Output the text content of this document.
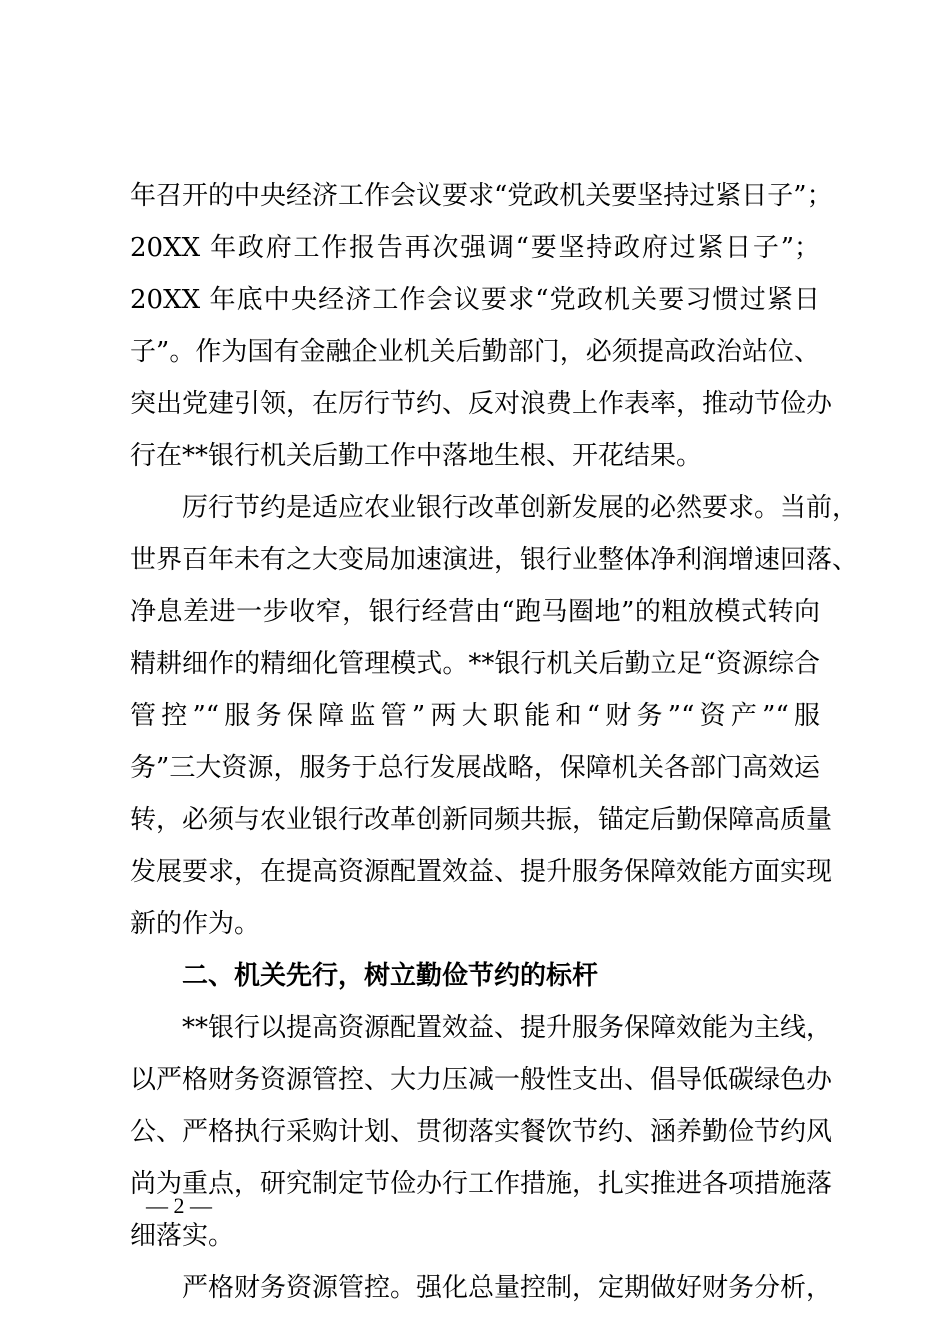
年召开的中央经济工作会议要求“党政机关要坚持过紧日子”；
20XX 年政府工作报告再次强调“要坚持政府过紧日子”；
20XX 年底中央经济工作会议要求“党政机关要习惯过紧日
子”。作为国有金融企业机关后勤部门，必须提高政治站位、
突出党建引领，在厉行节约、反对浪费上作表率，推动节俭办
行在**银行机关后勤工作中落地生根、开花结果。
厉行节约是适应农业银行改革创新发展的必然要求。当前，
世界百年未有之大变局加速演进，银行业整体净利润增速回落、
净息差进一步收窄，银行经营由“跑马圈地”的粗放模式转向
精耕细作的精细化管理模式。**银行机关后勤立足“资源综合
管控”“服务保障监管”两大职能和“财务”“资产”“服
务”三大资源，服务于总行发展战略，保障机关各部门高效运
转，必须与农业银行改革创新同频共振，锚定后勤保障高质量
发展要求，在提高资源配置效益、提升服务保障效能方面实现
新的作为。
二、机关先行，树立勤俭节约的标杆
**银行以提高资源配置效益、提升服务保障效能为主线，
以严格财务资源管控、大力压减一般性支出、倡导低碳绿色办
公、严格执行采购计划、贯彻落实餐饮节约、涵养勤俭节约风
尚为重点，研究制定节俭办行工作措施，扎实推进各项措施落
细落实。
严格财务资源管控。强化总量控制，定期做好财务分析，
— 2 —
